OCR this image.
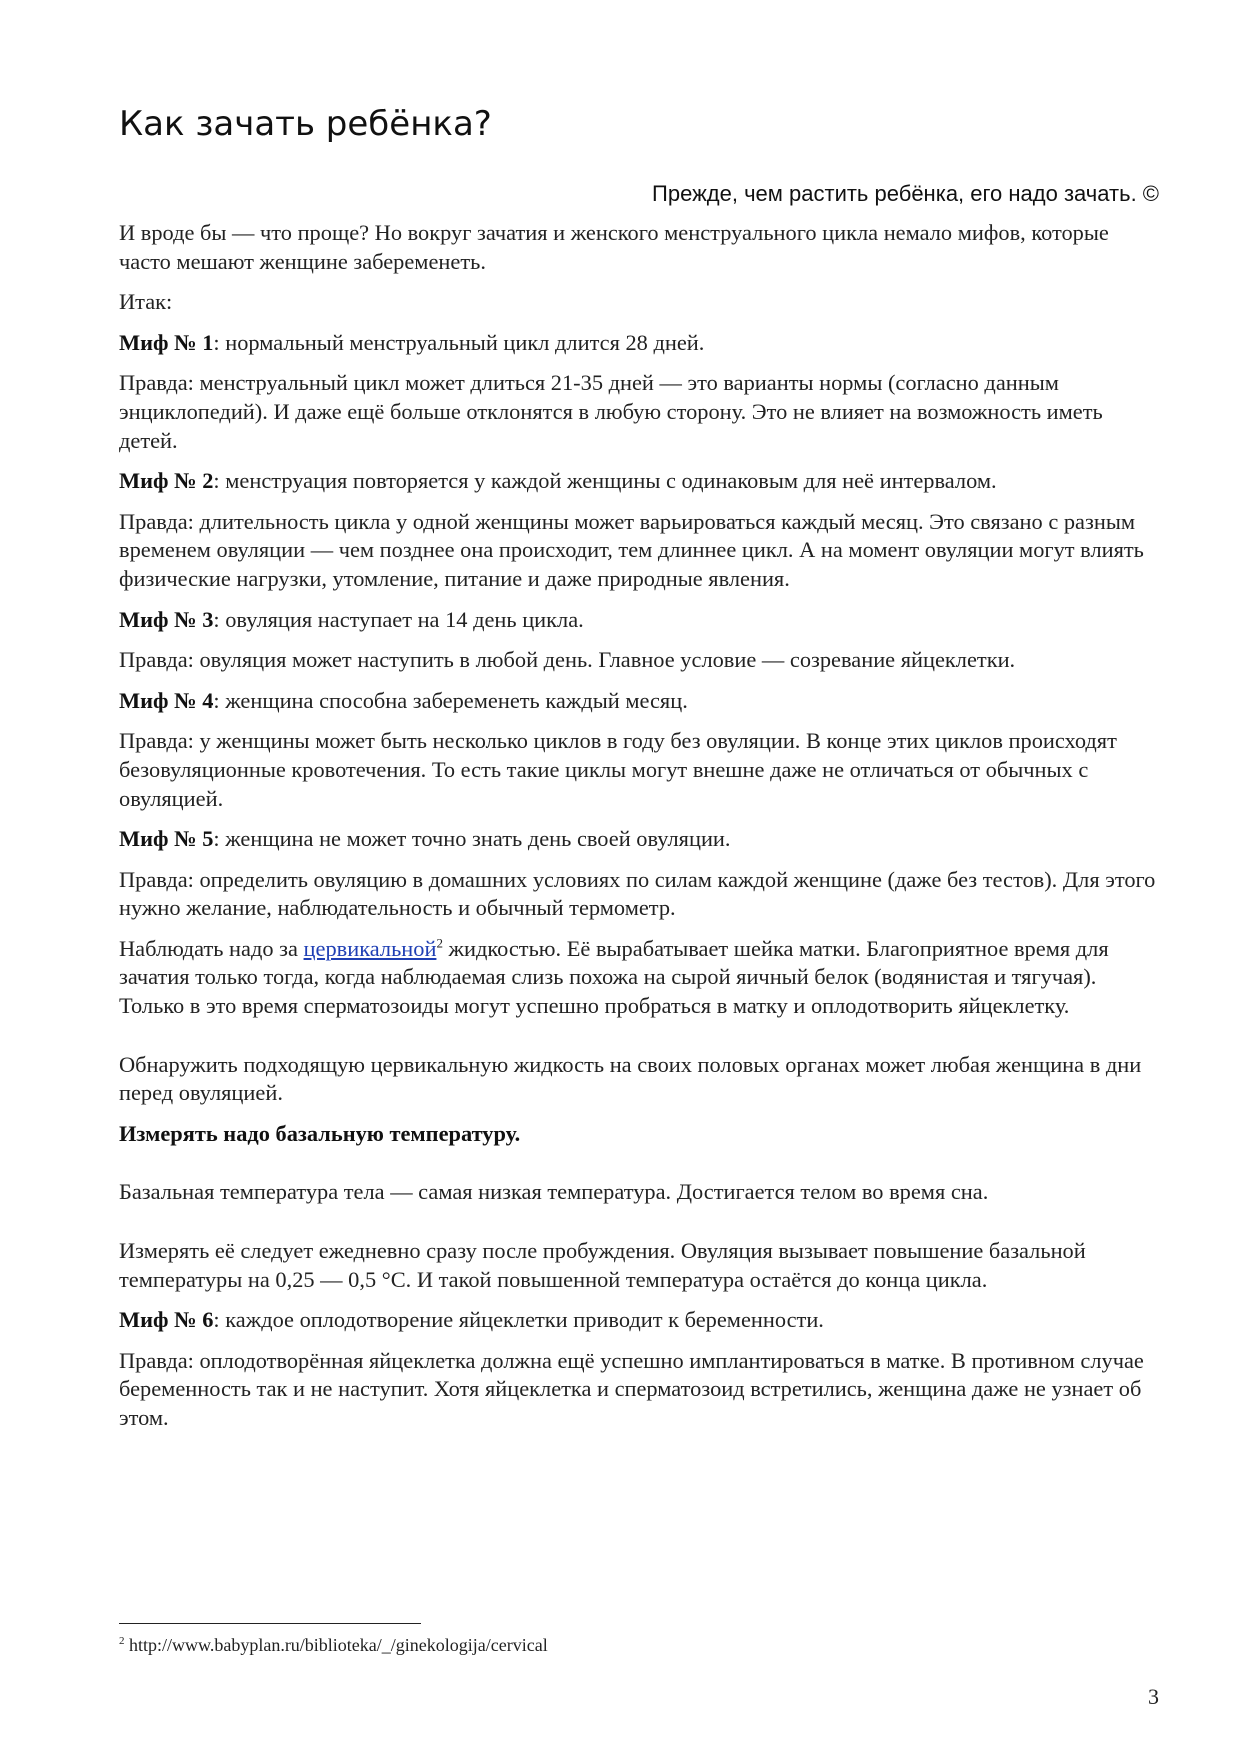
Как зачать ребёнка?
Прежде, чем растить ребёнка, его надо зачать. ©

И вроде бы — что проще? Но вокруг зачатия и женского менструального цикла немало мифов, которые часто мешают женщине забеременеть.

Итак:

Миф № 1: нормальный менструальный цикл длится 28 дней.

Правда: менструальный цикл может длиться 21-35 дней — это варианты нормы (согласно данным энциклопедий). И даже ещё больше отклонятся в любую сторону. Это не влияет на возможность иметь детей.

Миф № 2: менструация повторяется у каждой женщины с одинаковым для неё интервалом.

Правда: длительность цикла у одной женщины может варьироваться каждый месяц. Это связано с разным временем овуляции — чем позднее она происходит, тем длиннее цикл. А на момент овуляции могут влиять физические нагрузки, утомление, питание и даже природные явления.

Миф № 3: овуляция наступает на 14 день цикла.

Правда: овуляция может наступить в любой день. Главное условие — созревание яйцеклетки.

Миф № 4: женщина способна забеременеть каждый месяц.

Правда: у женщины может быть несколько циклов в году без овуляции. В конце этих циклов происходят безовуляционные кровотечения. То есть такие циклы могут внешне даже не отличаться от обычных с овуляцией.

Миф № 5: женщина не может точно знать день своей овуляции.

Правда: определить овуляцию в домашних условиях по силам каждой женщине (даже без тестов). Для этого нужно желание, наблюдательность и обычный термометр.

Наблюдать надо за цервикальной$^2$ жидкостью. Её вырабатывает шейка матки. Благоприятное время для зачатия только тогда, когда наблюдаемая слизь похожа на сырой яичный белок (водянистая и тягучая). Только в это время сперматозоиды могут успешно пробраться в матку и оплодотворить яйцеклетку.

Обнаружить подходящую цервикальную жидкость на своих половых органах может любая женщина в дни перед овуляцией.

Измерять надо базальную температуру.

Базальная температура тела — самая низкая температура. Достигается телом во время сна.

Измерять её следует ежедневно сразу после пробуждения. Овуляция вызывает повышение базальной температуры на 0,25 — 0,5 °С. И такой повышенной температура остаётся до конца цикла.

Миф № 6: каждое оплодотворение яйцеклетки приводит к беременности.

Правда: оплодотворённая яйцеклетка должна ещё успешно имплантироваться в матке. В противном случае беременность так и не наступит. Хотя яйцеклетка и сперматозоид встретились, женщина даже не узнает об этом.

$^2$ http://www.babyplan.ru/biblioteka/_/ginekologija/cervical
3
